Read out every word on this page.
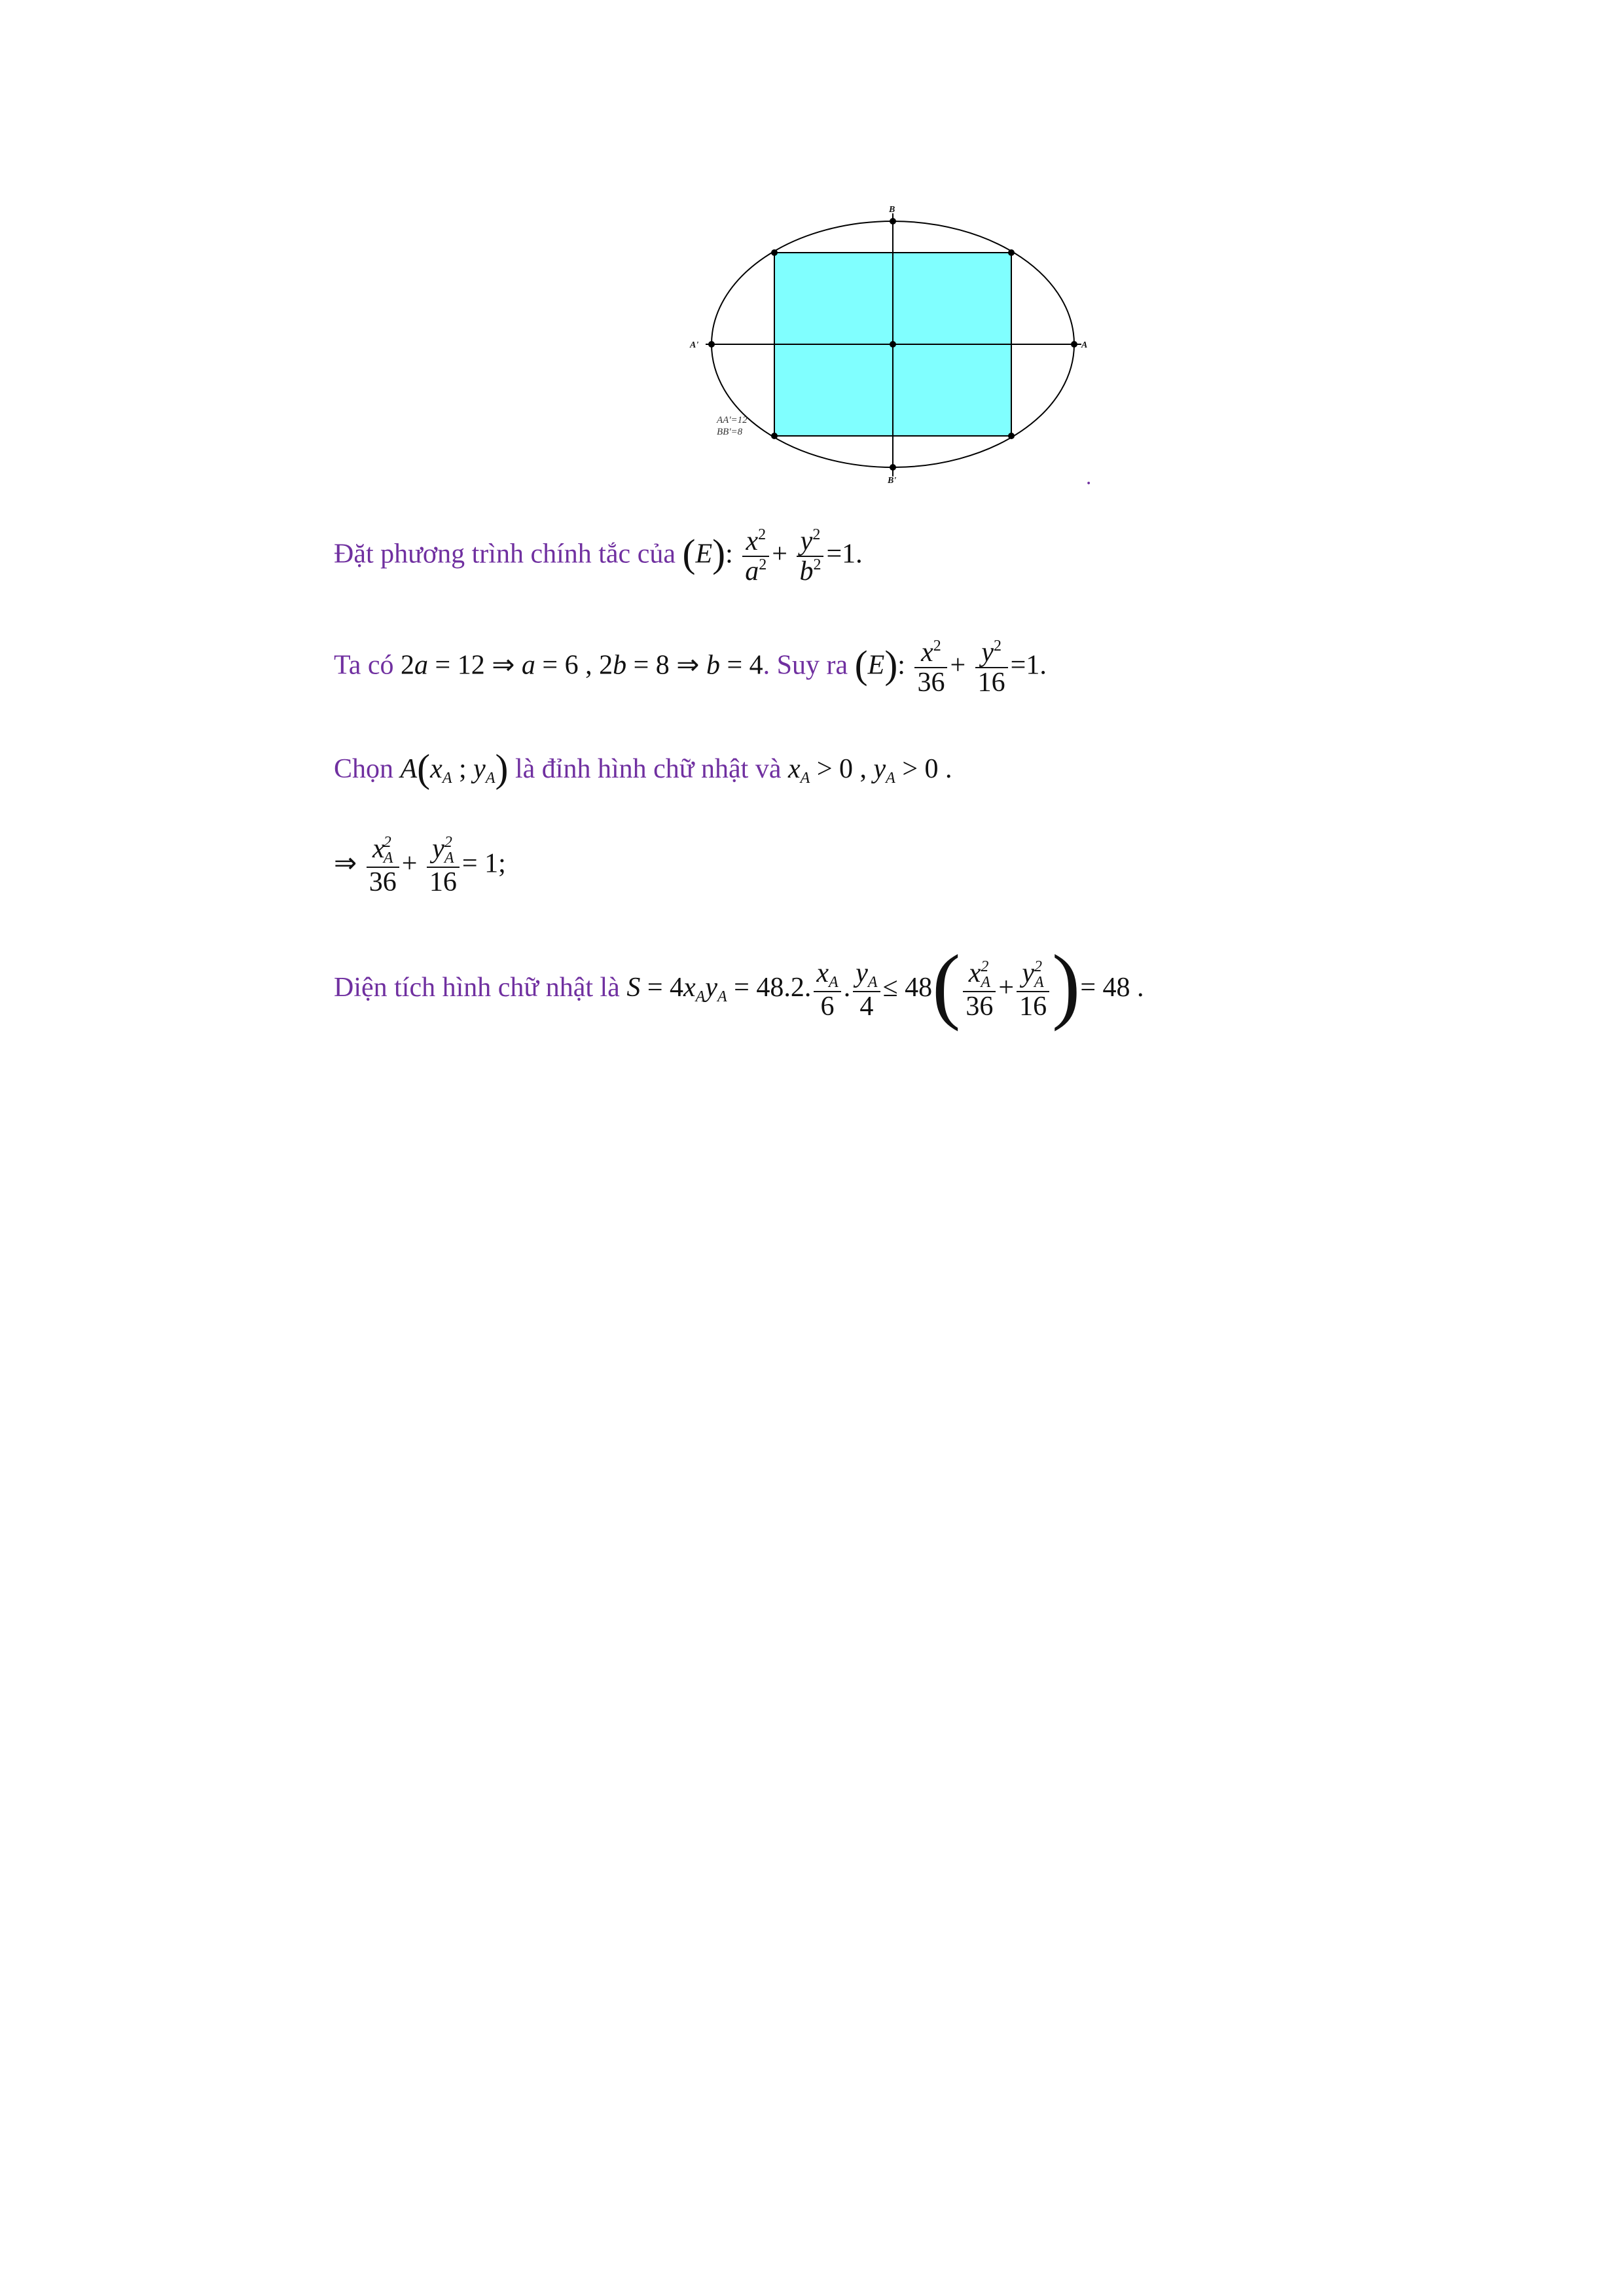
B
B'
A'	A
AA'=12
BB'=8
.
Đặt phương trình chính tắc của (E): $\frac{x^2}{a^2} + \frac{y^2}{b^2} =1$.
Ta có 2a = 12 ⇒ a = 6 , 2b = 8 ⇒ b = 4. Suy ra (E): $\frac{x^2}{36} + \frac{y^2}{16} =1$.
Chọn $A(x_A$ ; $y_A$) là đỉnh hình chữ nhật và $x_A > 0$ , $y_A > 0$ .
⇒ $\frac{x^2_A}{36} + \frac{y^2_A}{16} = 1$;
Diện tích hình chữ nhật là $S = 4x_Ay_A = 48.2$. $\frac{x_A}{6}$ . $\frac{y_A}{4} \le 48( \frac{x^2_A}{36} + \frac{y^2_A}{16}$ )= 48 .
